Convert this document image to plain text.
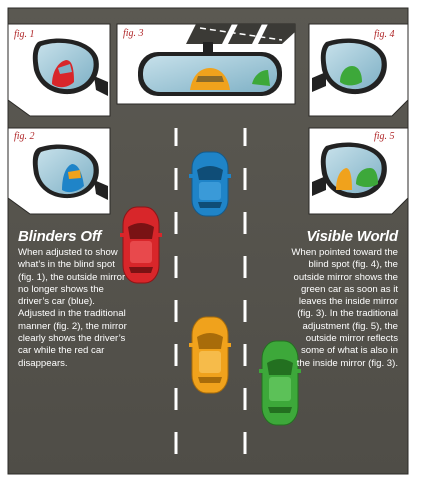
fig. 1
fig. 2
fig. 3	fig. 4
fig. 5
Blinders Off

When adjusted to show what’s in the blind spot (fig. 1), the outside mirror no longer shows the driver’s car (blue). Adjusted in the traditional manner (fig. 2), the mirror clearly shows the driver’s car while the red car disappears.

Visible World

When pointed toward the blind spot (fig. 4), the outside mirror shows the green car as soon as it leaves the inside mirror (fig. 3). In the traditional adjustment (fig. 5), the outside mirror reflects some of what is also in the inside mirror (fig. 3).
